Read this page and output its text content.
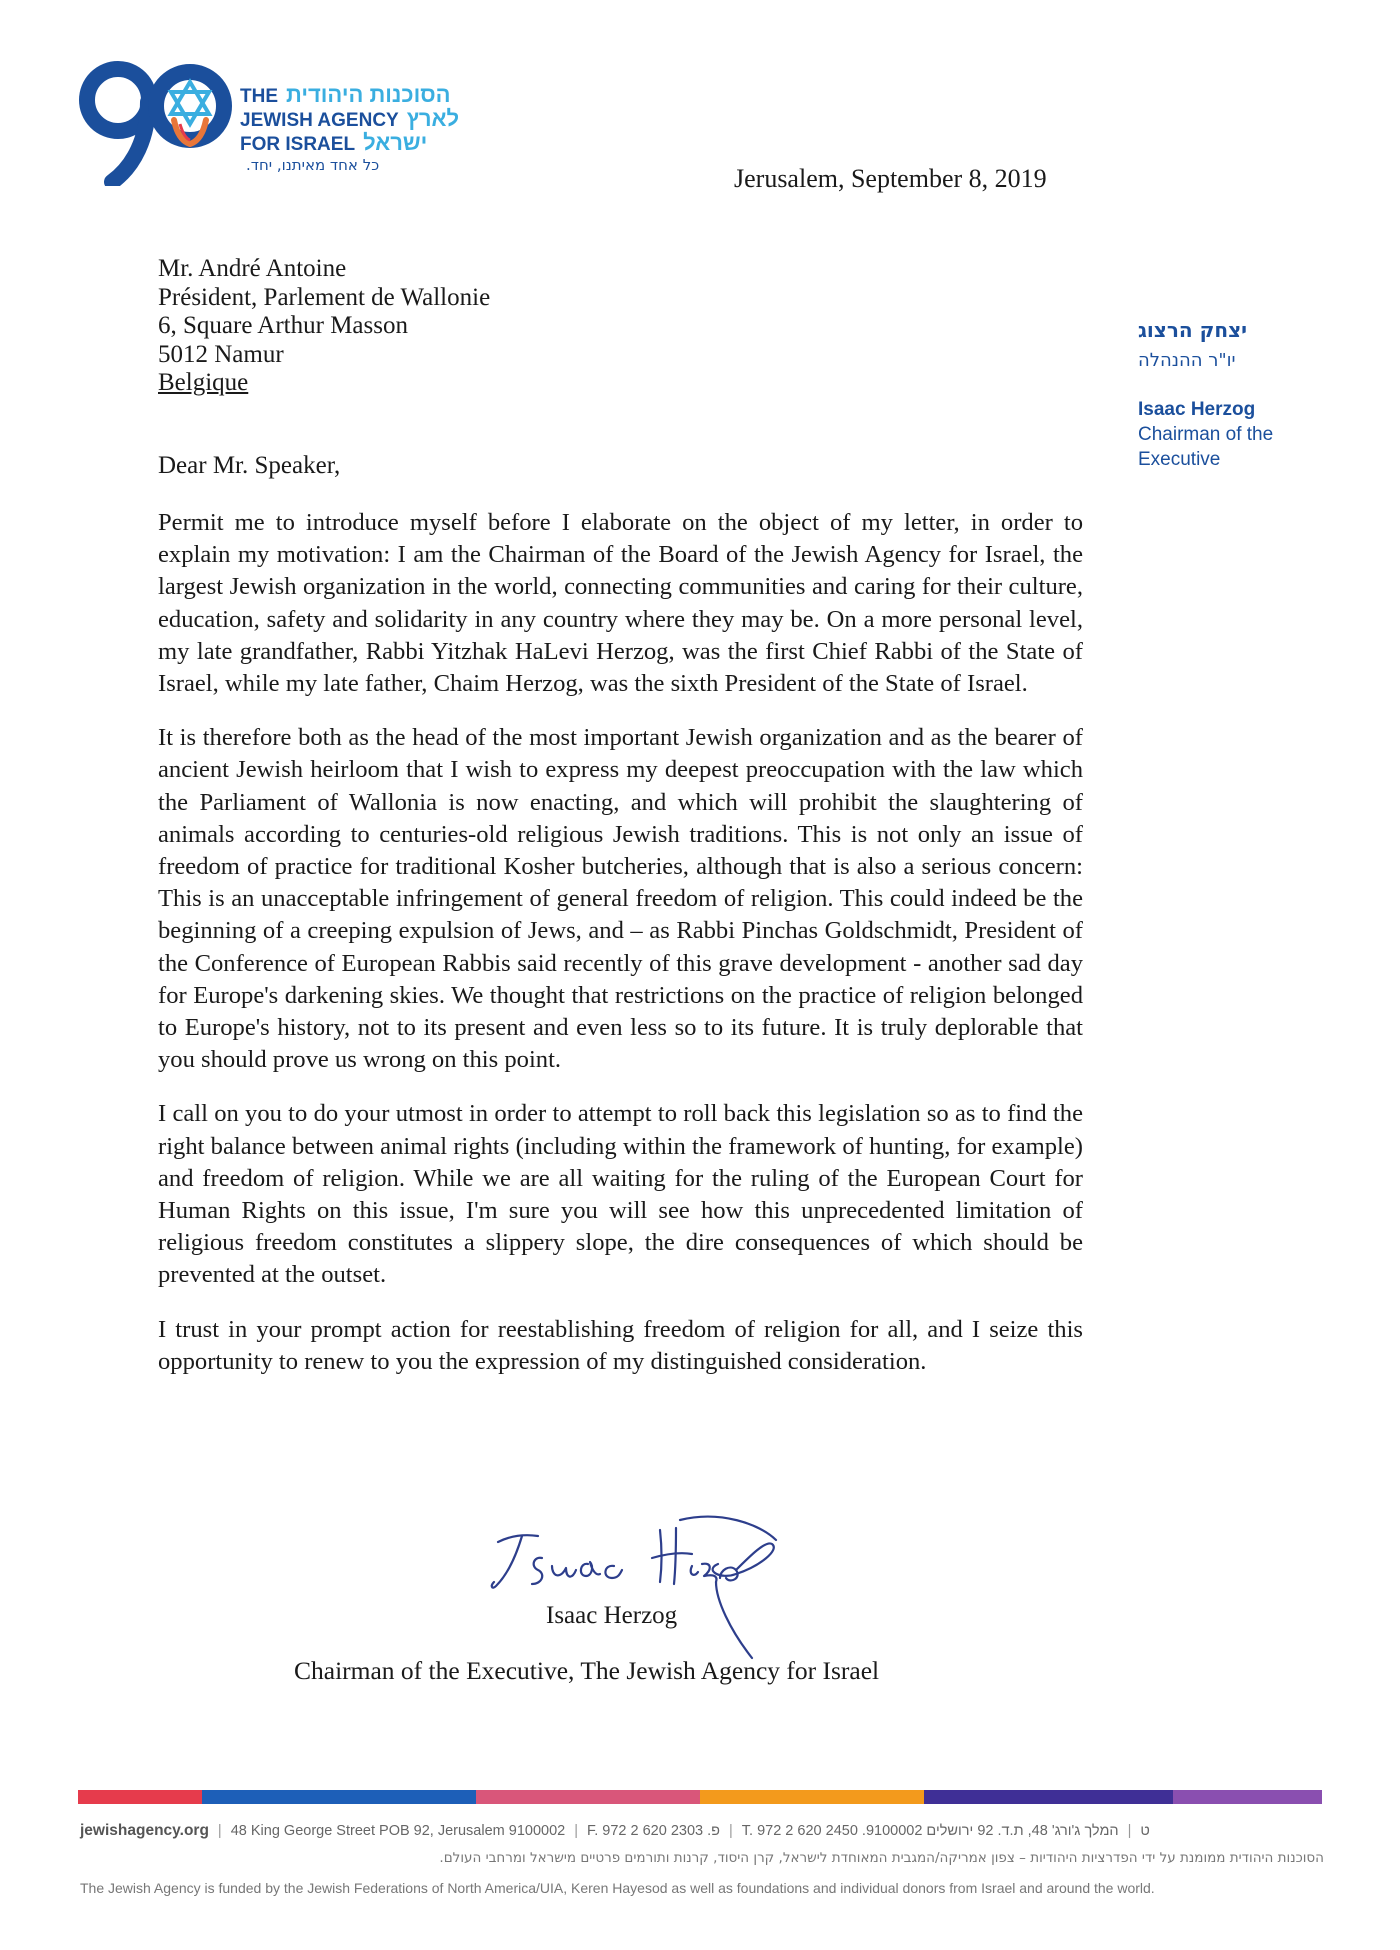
THE הסוכנות היהודית
JEWISH AGENCY לארץ
FOR ISRAEL ישראל
כל אחד מאיתנו, יחד.	Jerusalem, September 8, 2019
Mr. André Antoine
Président, Parlement de Wallonie
6, Square Arthur Masson
5012 Namur
Belgique
יצחק הרצוג
יו"ר ההנהלה
Isaac Herzog
Chairman of the
Executive
Dear Mr. Speaker,

Permit me to introduce myself before I elaborate on the object of my letter, in order to explain my motivation: I am the Chairman of the Board of the Jewish Agency for Israel, the largest Jewish organization in the world, connecting communities and caring for their culture, education, safety and solidarity in any country where they may be. On a more personal level, my late grandfather, Rabbi Yitzhak HaLevi Herzog, was the first Chief Rabbi of the State of Israel, while my late father, Chaim Herzog, was the sixth President of the State of Israel.

It is therefore both as the head of the most important Jewish organization and as the bearer of ancient Jewish heirloom that I wish to express my deepest preoccupation with the law which the Parliament of Wallonia is now enacting, and which will prohibit the slaughtering of animals according to centuries-old religious Jewish traditions. This is not only an issue of freedom of practice for traditional Kosher butcheries, although that is also a serious concern: This is an unacceptable infringement of general freedom of religion. This could indeed be the beginning of a creeping expulsion of Jews, and – as Rabbi Pinchas Goldschmidt, President of the Conference of European Rabbis said recently of this grave development - another sad day for Europe's darkening skies. We thought that restrictions on the practice of religion belonged to Europe's history, not to its present and even less so to its future. It is truly deplorable that you should prove us wrong on this point.

I call on you to do your utmost in order to attempt to roll back this legislation so as to find the right balance between animal rights (including within the framework of hunting, for example) and freedom of religion. While we are all waiting for the ruling of the European Court for Human Rights on this issue, I'm sure you will see how this unprecedented limitation of religious freedom constitutes a slippery slope, the dire consequences of which should be prevented at the outset.

I trust in your prompt action for reestablishing freedom of religion for all, and I seize this opportunity to renew to you the expression of my distinguished consideration.

Isaac Herzog
Chairman of the Executive, The Jewish Agency for Israel
jewishagency.org | 48 King George Street POB 92, Jerusalem 9100002 | F. 972 2 620 2303 .פ | T. 972 2 620 2450 .ט|המלך ג'ורג' 48, ת.ד. 92 ירושלים 9100002
הסוכנות היהודית ממומנת על ידי הפדרציות היהודיות – צפון אמריקה/המגבית המאוחדת לישראל, קרן היסוד, קרנות ותורמים פרטיים מישראל ומרחבי העולם.
The Jewish Agency is funded by the Jewish Federations of North America/UIA, Keren Hayesod as well as foundations and individual donors from Israel and around the world.
